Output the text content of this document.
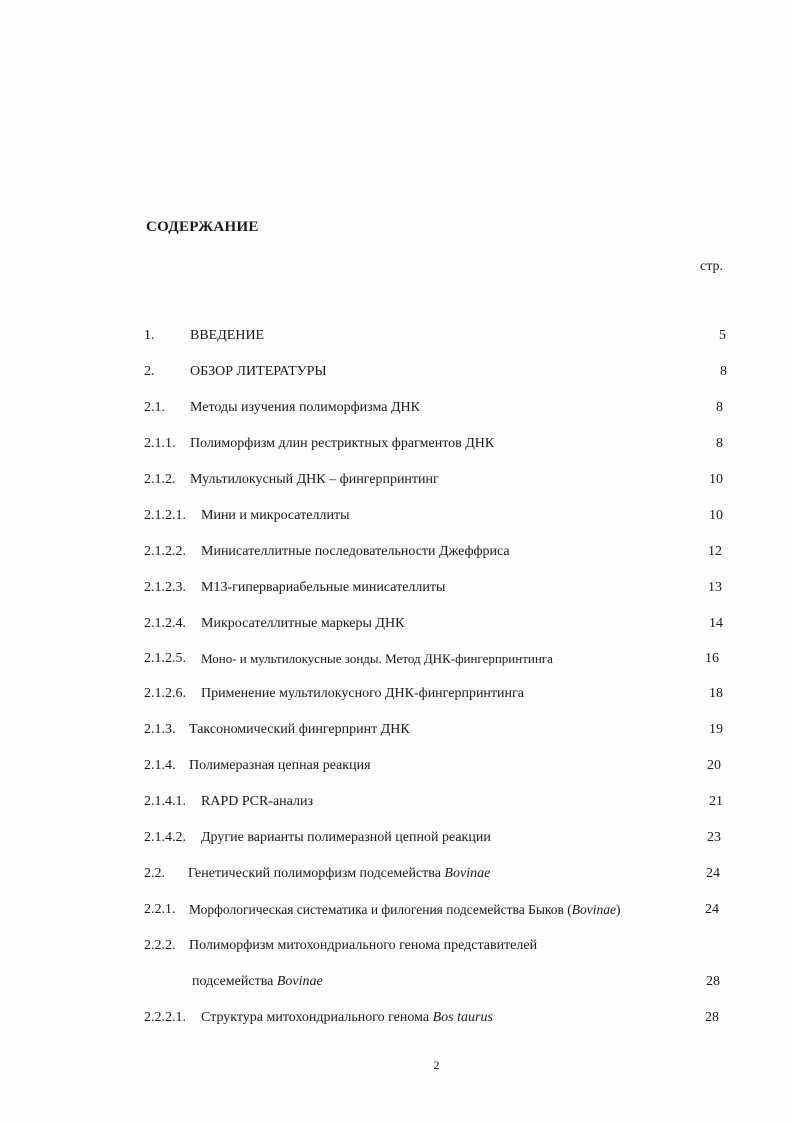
СОДЕРЖАНИЕ
стр.
1.	ВВЕДЕНИЕ	5
2.	ОБЗОР ЛИТЕРАТУРЫ	8
2.1. Методы изучения полиморфизма ДНК	8
2.1.1. Полиморфизм длин рестриктных фрагментов ДНК	8
2.1.2. Мультилокусный ДНК – фингерпринтинг	10
2.1.2.1. Мини и микросателлиты	10
2.1.2.2. Минисателлитные последовательности Джеффриса	12
2.1.2.3. M13-гипервариабельные минисателлиты	13
2.1.2.4. Микросателлитные маркеры ДНК	14
2.1.2.5. Моно- и мультилокусные зонды. Метод ДНК-фингерпринтинга	16
2.1.2.6. Применение мультилокусного ДНК-фингерпринтинга	18
2.1.3. Таксономический фингерпринт ДНК	19
2.1.4. Полимеразная цепная реакция	20
2.1.4.1. RAPD PCR-анализ	21
2.1.4.2. Другие варианты полимеразной цепной реакции	23
2.2. Генетический полиморфизм подсемейства Bovinae	24
2.2.1. Морфологическая систематика и филогения подсемейства Быков (Bovinae)	24
2.2.2. Полиморфизм митохондриального генома представителей
подсемейства Bovinae	28
2.2.2.1. Структура митохондриального генома Bos taurus	28
2
